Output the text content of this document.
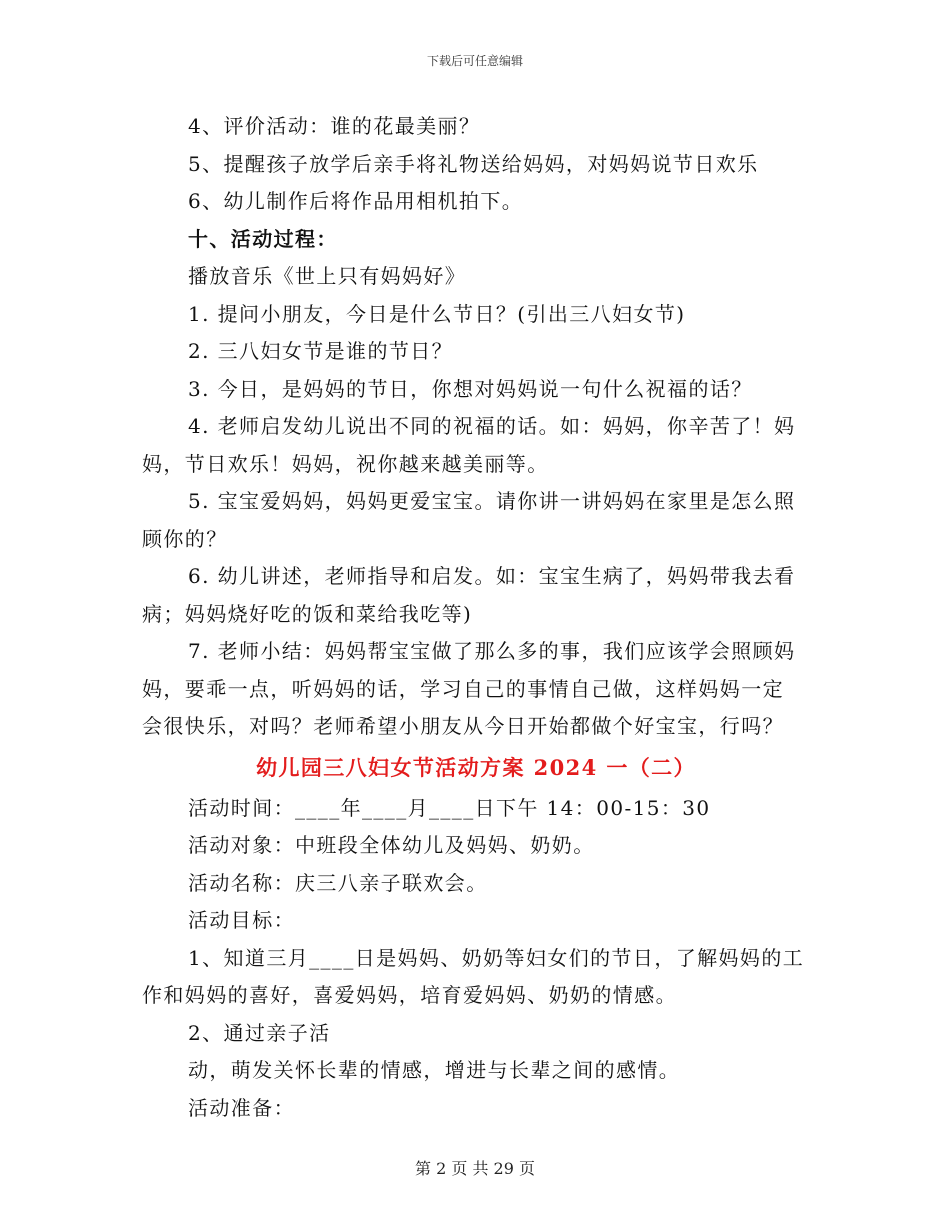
下载后可任意编辑

4、评价活动：谁的花最美丽？

5、提醒孩子放学后亲手将礼物送给妈妈，对妈妈说节日欢乐

6、幼儿制作后将作品用相机拍下。

十、活动过程：

播放音乐《世上只有妈妈好》

1. 提问小朋友，今日是什么节日？(引出三八妇女节)

2. 三八妇女节是谁的节日？

3. 今日，是妈妈的节日，你想对妈妈说一句什么祝福的话？

4. 老师启发幼儿说出不同的祝福的话。如：妈妈，你辛苦了！妈

妈，节日欢乐！妈妈，祝你越来越美丽等。

5. 宝宝爱妈妈，妈妈更爱宝宝。请你讲一讲妈妈在家里是怎么照

顾你的？

6. 幼儿讲述，老师指导和启发。如：宝宝生病了，妈妈带我去看

病；妈妈烧好吃的饭和菜给我吃等)

7. 老师小结：妈妈帮宝宝做了那么多的事，我们应该学会照顾妈

妈，要乖一点，听妈妈的话，学习自己的事情自己做，这样妈妈一定

会很快乐，对吗？老师希望小朋友从今日开始都做个好宝宝，行吗？

幼儿园三八妇女节活动方案 2024 一（二）

活动时间：____年____月____日下午 14：00-15：30

活动对象：中班段全体幼儿及妈妈、奶奶。

活动名称：庆三八亲子联欢会。

活动目标：

1、知道三月____日是妈妈、奶奶等妇女们的节日，了解妈妈的工

作和妈妈的喜好，喜爱妈妈，培育爱妈妈、奶奶的情感。

2、通过亲子活

动，萌发关怀长辈的情感，增进与长辈之间的感情。

活动准备：

第 2 页 共 29 页
